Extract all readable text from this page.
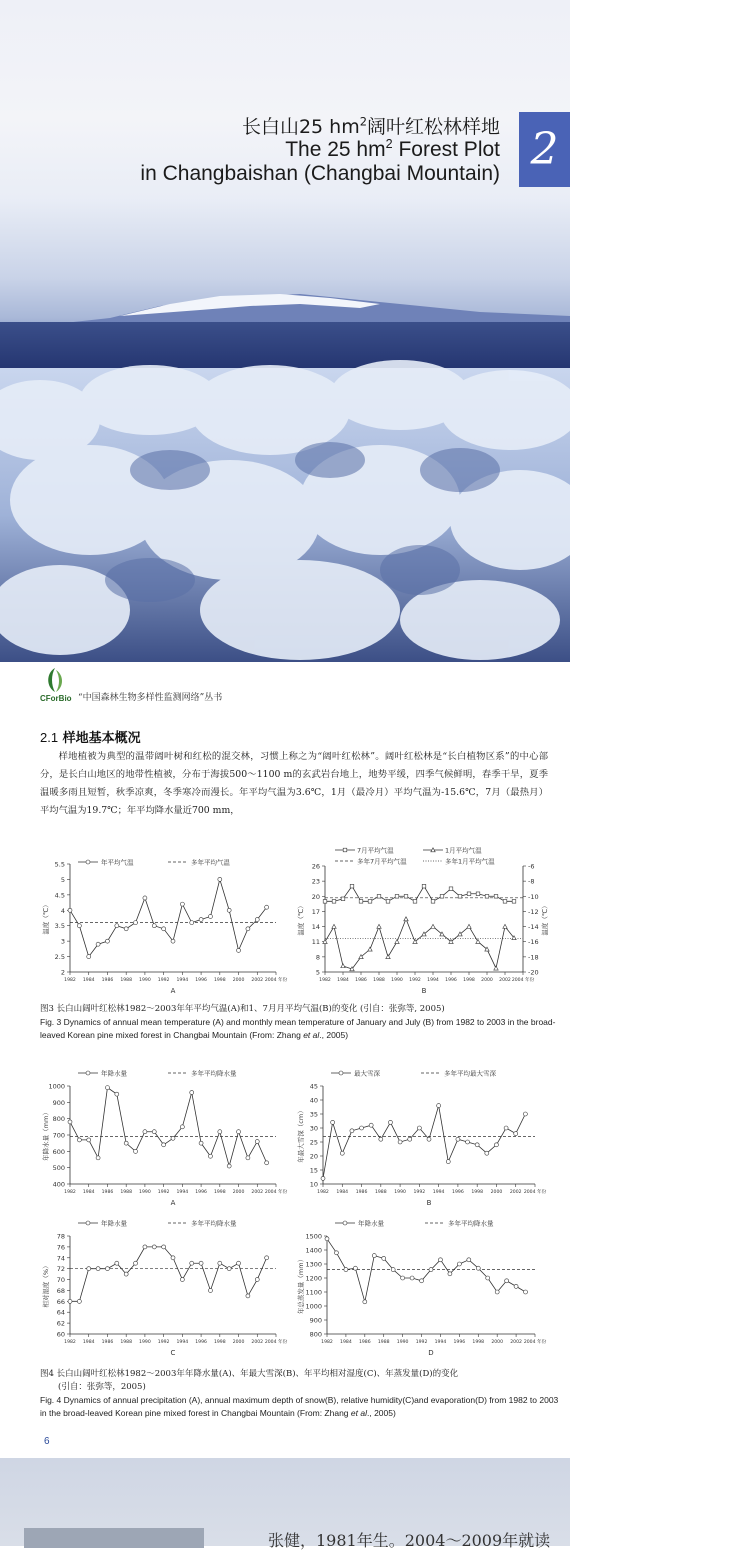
长白山25 $hm^2$阔叶红松林样地
The 25 $hm^2$ Forest Plot
in Changbaishan (Changbai Mountain) 2
CForBio “中国森林生物多样性监测网络”丛书
2.1 样地基本概况
样地植被为典型的温带阔叶树和红松的混交林，习惯上称之为“阔叶红松林”。阔叶红松林是“长白植物区系”的中心部分，是长白山地区的地带性植被，分布于海拔500～1100 m的玄武岩台地上，地势平缓，四季气候鲜明，春季干旱，夏季温暖多雨且短暂，秋季凉爽，冬季寒冷而漫长。年平均气温为3.6℃，1月（最冷月）平均气温为-15.6℃，7月（最热月）平均气温为19.7℃；年平均降水量近700 mm，
2
2.5
3
3.5
4
4.5
5
5.5
1982 1984 1986 1988 1990 1992 1994 1996 1998 2000 2002 2004 年份
温度（℃）
A
年平均气温	多年平均气温
5
8
11
14
17
20
23
26
1982 1984 1986 1988 1990 1992 1994 1996 1998 2000 2002 2004 年份
温度（℃）
B
-20
-18
-16
-14
-12
-10
-8
-6
温度（℃）
7月平均气温	1月平均气温
多年7月平均气温	多年1月平均气温
图3 长白山阔叶红松林1982～2003年年平均气温(A)和1、7月月平均气温(B)的变化 (引自：张弥等, 2005)
Fig. 3 Dynamics of annual mean temperature (A) and monthly mean temperature of January and July (B) from 1982 to 2003 in the broad-leaved Korean pine mixed forest in Changbai Mountain (From: Zhang et al., 2005)
400
500
600
700
800
900
1000
1982 1984 1986 1988 1990 1992 1994 1996 1998 2000 2002 2004 年份
年降水量（mm）
A
年降水量	多年平均降水量
10
15
20
25
30
35
40
45
1982 1984 1986 1988 1990 1992 1994 1996 1998 2000 2002 2004 年份
年最大雪深（cm）
B
最大雪深	多年平均最大雪深
60
62
64
66
68
70
72
74
76
78
1982 1984 1986 1988 1990 1992 1994 1996 1998 2000 2002 2004 年份
相对湿度（%）
C
年降水量	多年平均降水量
800
900
1000
1100
1200
1300
1400
1500
1982 1984 1986 1988 1990 1992 1994 1996 1998 2000 2002 2004 年份
年总蒸发量（mm）
D
年降水量	多年平均降水量
图4 长白山阔叶红松林1982～2003年年降水量(A)、年最大雪深(B)、年平均相对湿度(C)、年蒸发量(D)的变化
(引自：张弥等，2005)
Fig. 4 Dynamics of annual precipitation (A), annual maximum depth of snow(B), relative humidity(C)and evaporation(D) from 1982 to 2003 in the broad-leaved Korean pine mixed forest in Changbai Mountain (From: Zhang et al., 2005)
6
张健，1981年生。2004～2009年就读
